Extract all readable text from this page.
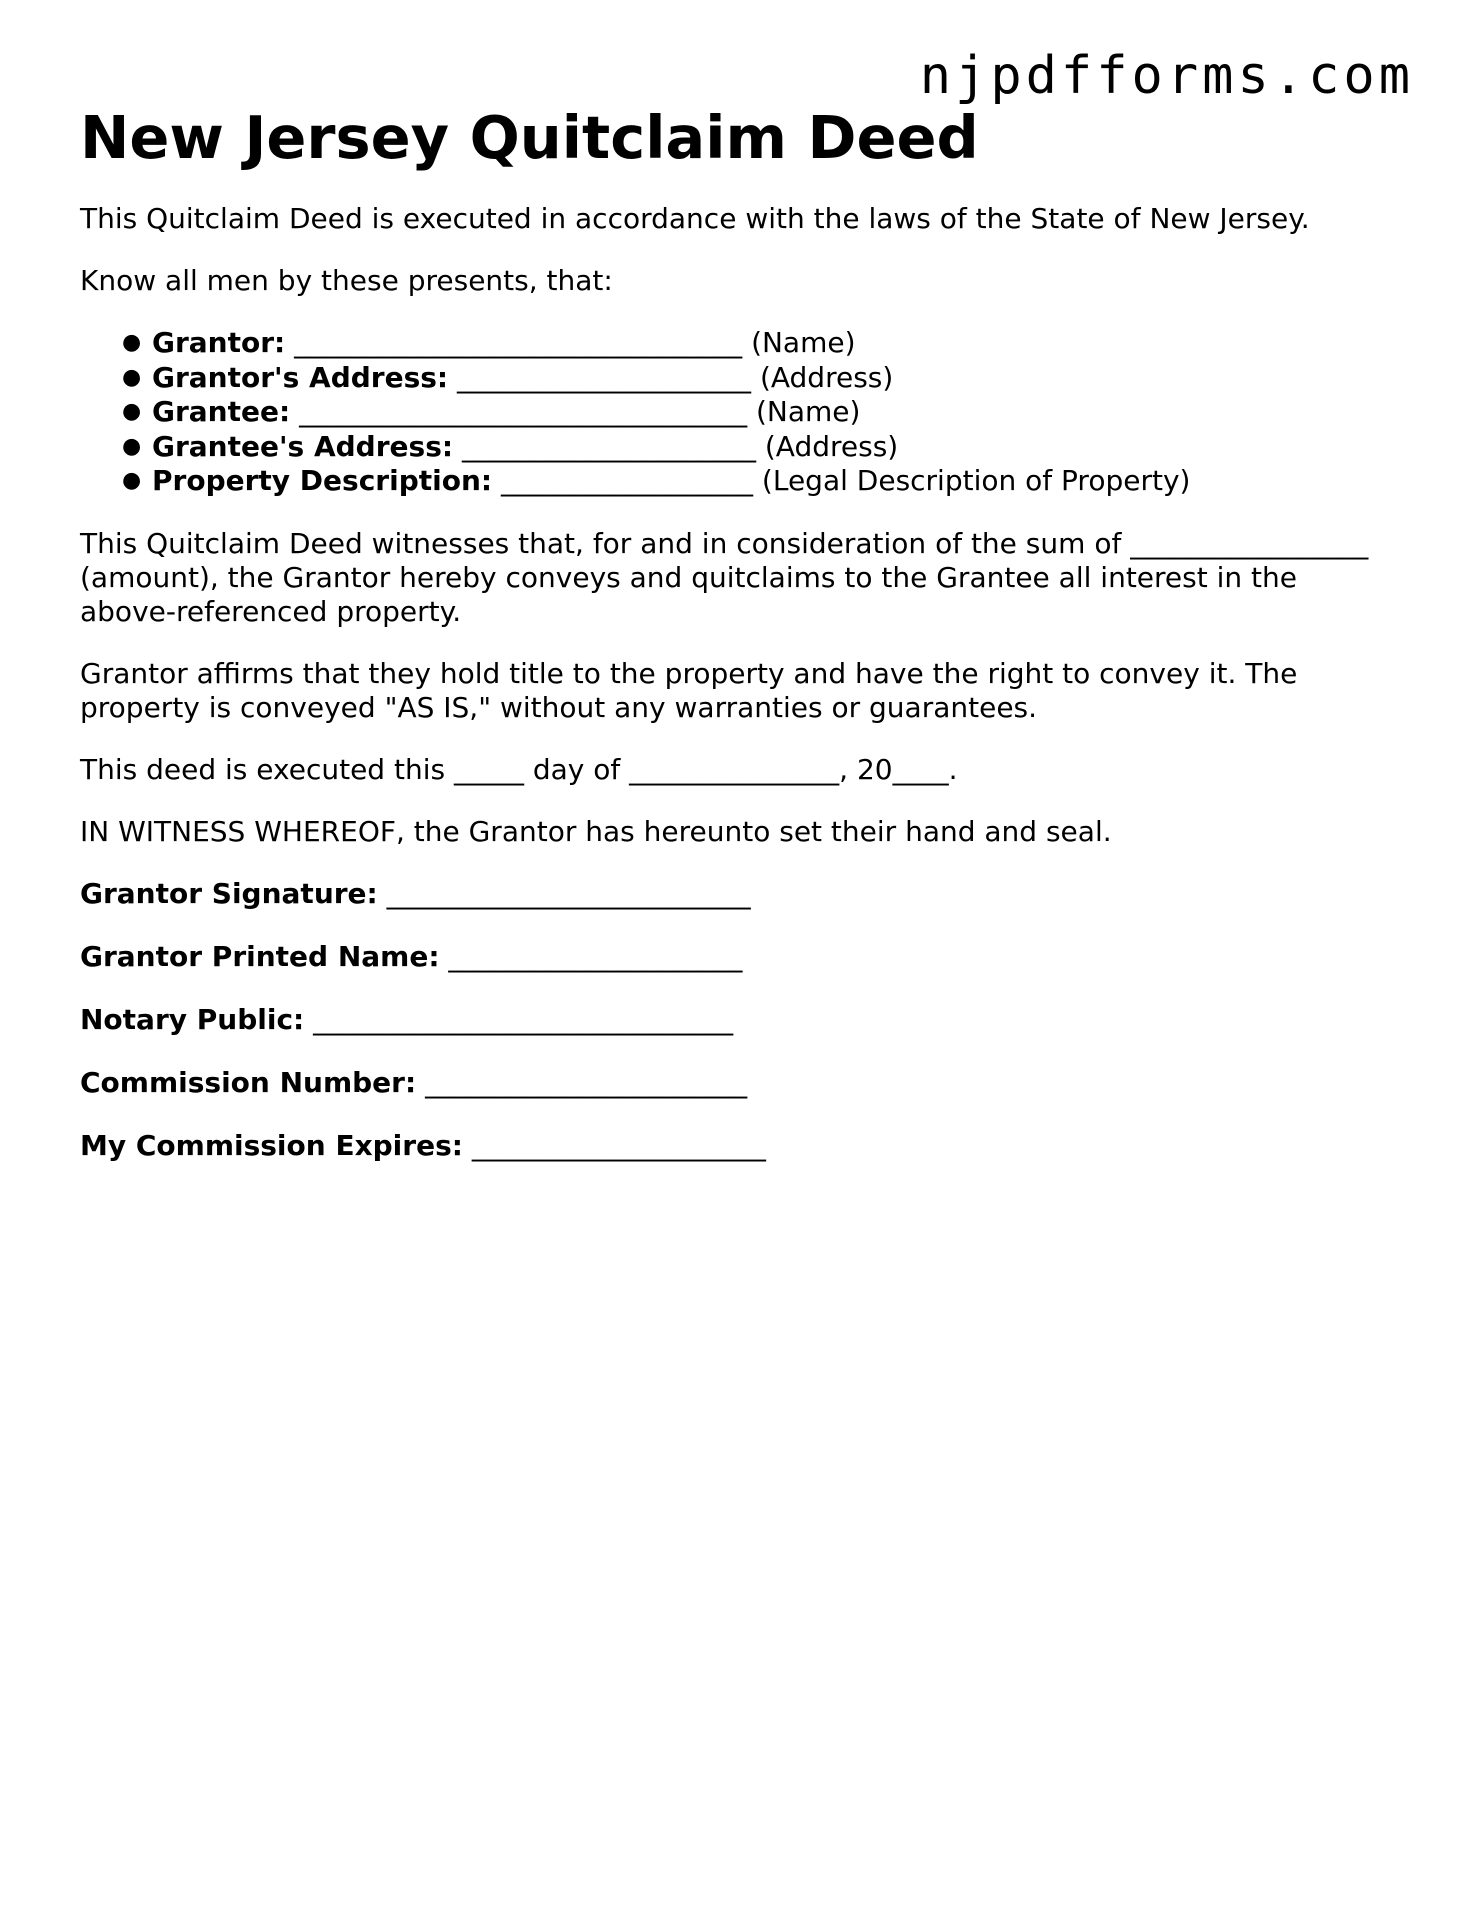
njpdfforms.com
New Jersey Quitclaim Deed

This Quitclaim Deed is executed in accordance with the laws of the State of New Jersey.

Know all men by these presents, that:

● Grantor: ________________________________ (Name)
● Grantor's Address: _____________________ (Address)
● Grantee: ________________________________ (Name)
● Grantee's Address: _____________________ (Address)
● Property Description: __________________ (Legal Description of Property)

This Quitclaim Deed witnesses that, for and in consideration of the sum of _________________ (amount), the Grantor hereby conveys and quitclaims to the Grantee all interest in the above-referenced property.

Grantor affirms that they hold title to the property and have the right to convey it. The property is conveyed "AS IS," without any warranties or guarantees.

This deed is executed this _____ day of _______________, 20____.

IN WITNESS WHEREOF, the Grantor has hereunto set their hand and seal.

Grantor Signature: __________________________

Grantor Printed Name: _____________________

Notary Public: ______________________________

Commission Number: _______________________

My Commission Expires: _____________________
